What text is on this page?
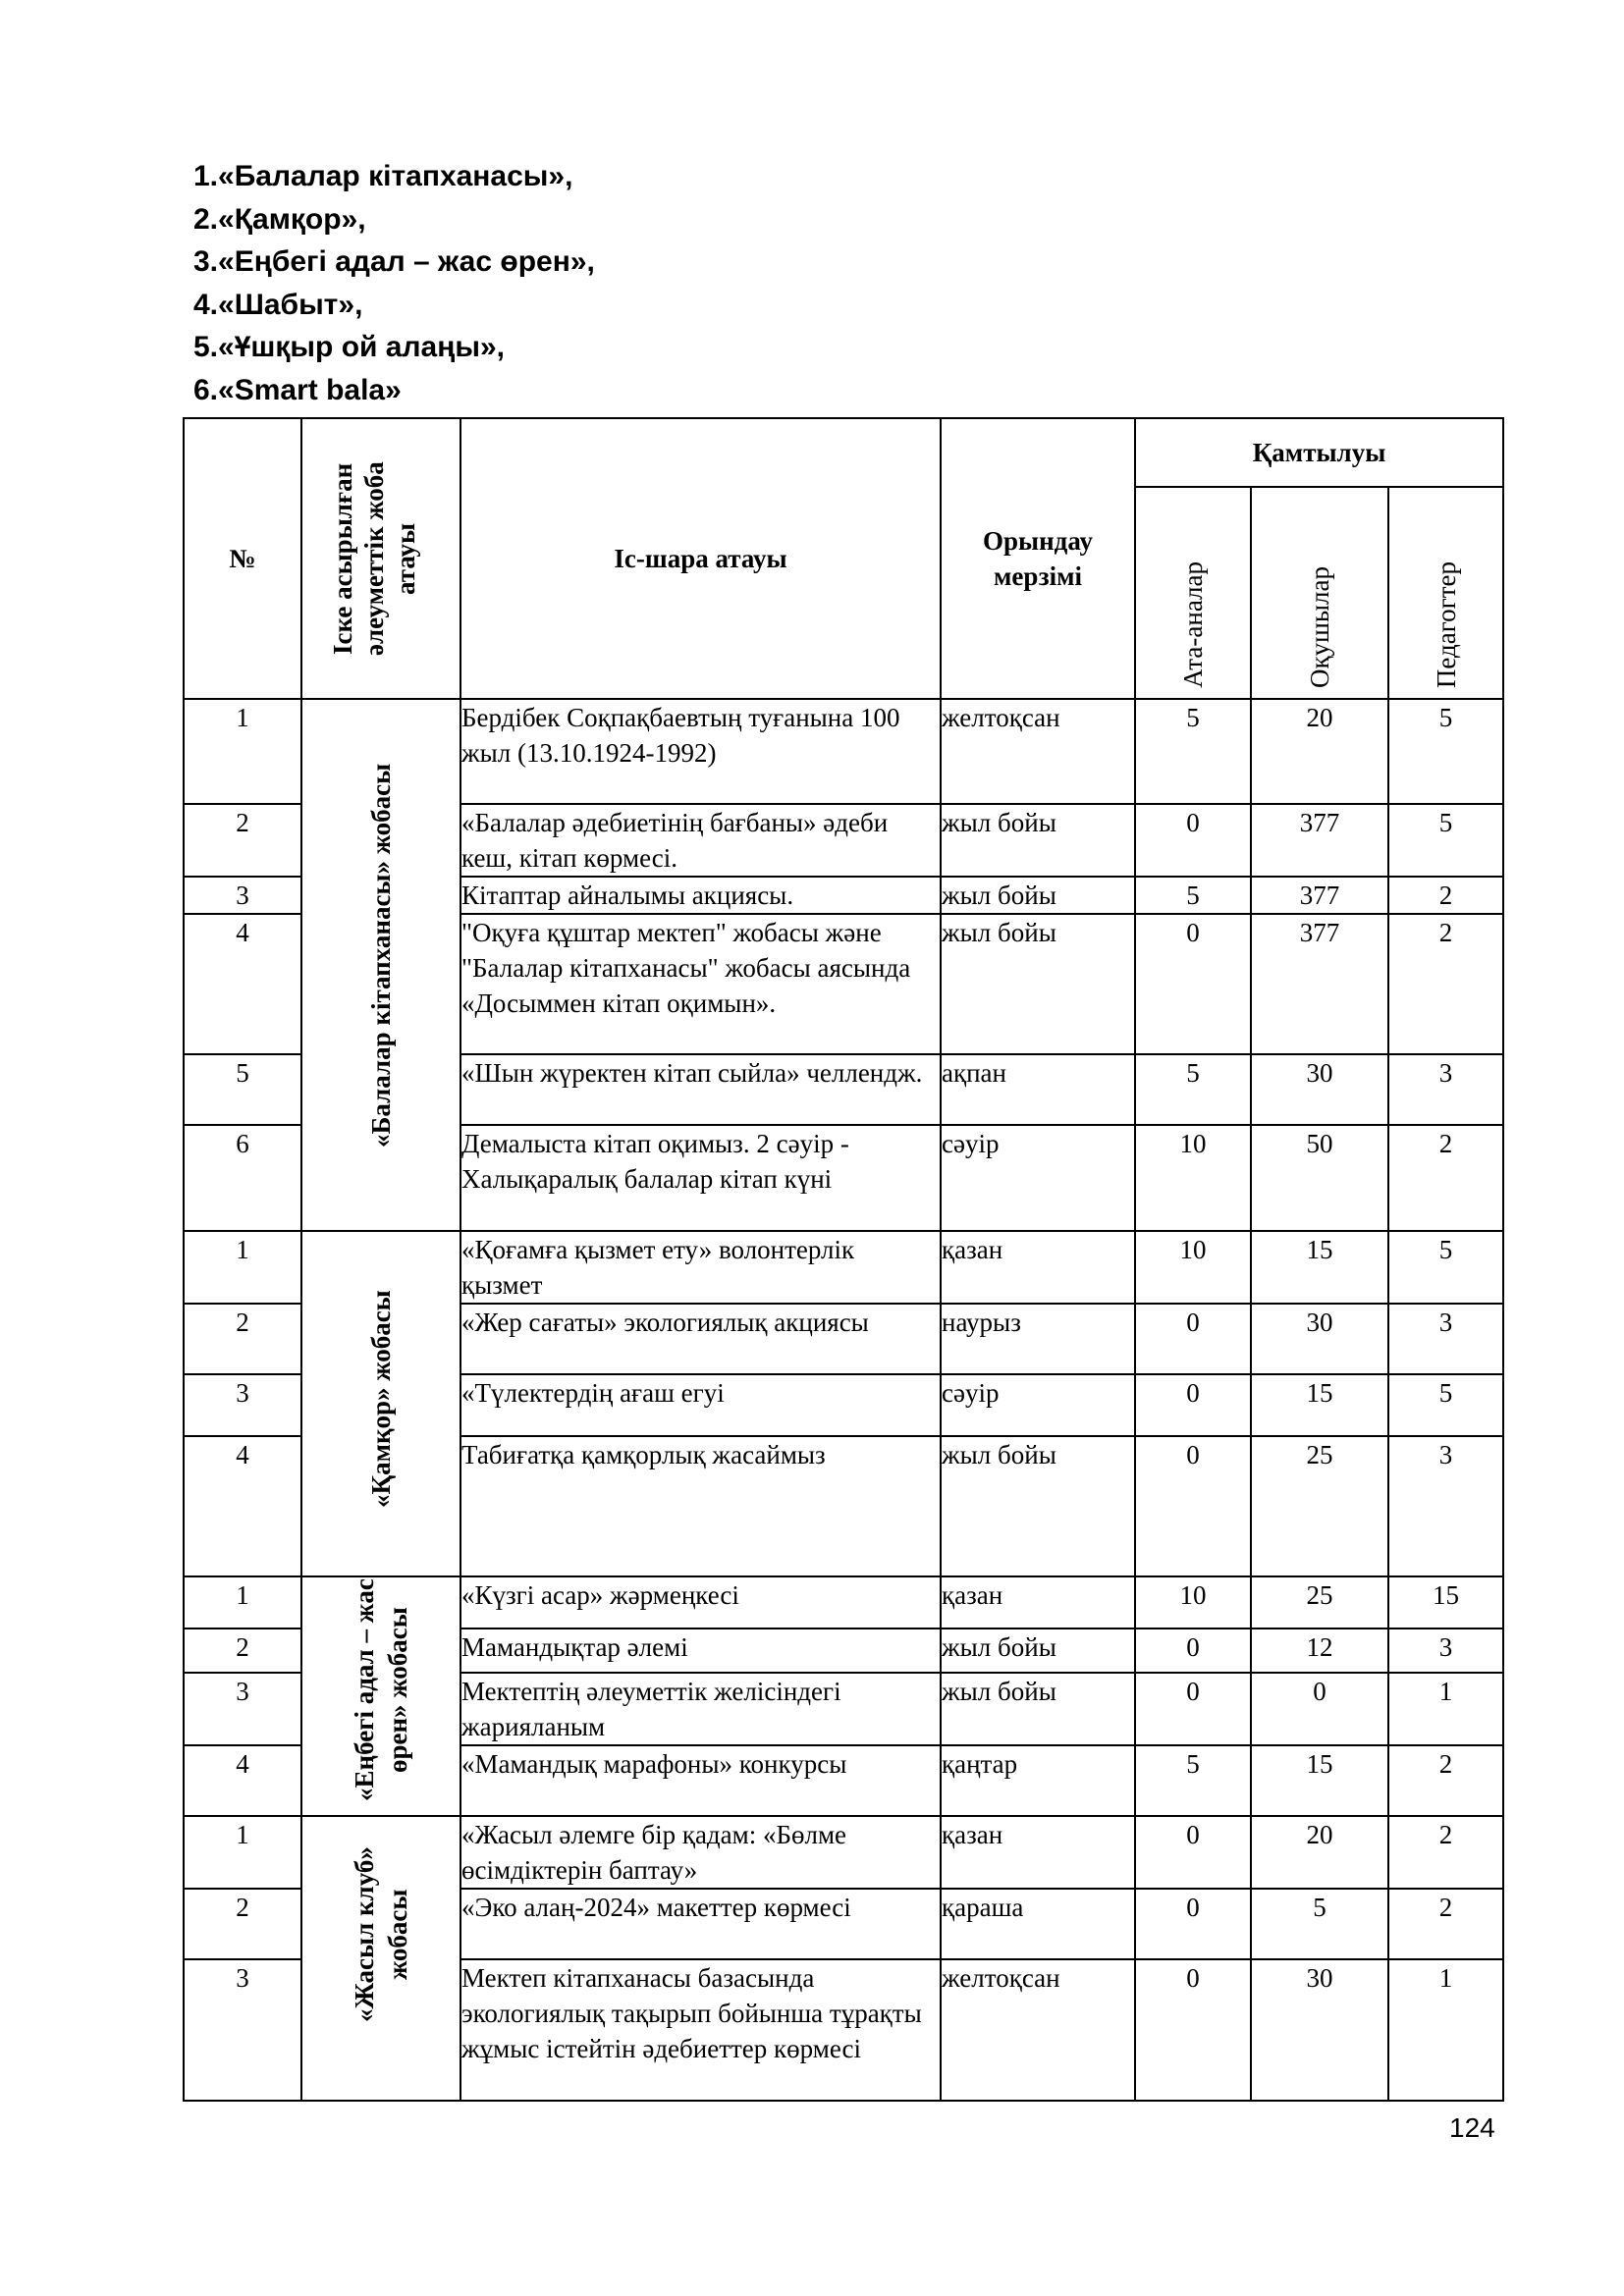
1.«Балалар кітапханасы»,
2.«Қамқор»,
3.«Еңбегі адал – жас өрен»,
4.«Шабыт»,
5.«Ұшқыр ой алаңы»,
6.«Smart bala»
№	Іске асырылған әлеуметтік жоба атауы	Іс-шара атауы	Орындау мерзімі	Қамтылуы		

				Ата-аналар	Оқушылар	Педагогтер

1	«Балалар кітапханасы» жобасы	Бердібек Соқпақбаевтың туғанына 100 жыл (13.10.1924-1992)	желтоқсан	5	20	5
2		«Балалар әдебиетінің бағбаны» әдеби кеш, кітап көрмесі.	жыл бойы	0	377	5
3		Кітаптар айналымы акциясы.	жыл бойы	5	377	2
4		"Оқуға құштар мектеп" жобасы және "Балалар кітапханасы" жобасы аясында «Досыммен кітап оқимын».	жыл бойы	0	377	2
5		«Шын жүректен кітап сыйла» челлендж.	ақпан	5	30	3
6		Демалыста кітап оқимыз. 2 сәуір - Халықаралық балалар кітап күні	сәуір	10	50	2
1	«Қамқор» жобасы	«Қоғамға қызмет ету» волонтерлік қызмет	қазан	10	15	5
2		«Жер сағаты» экологиялық акциясы	наурыз	0	30	3
3		«Түлектердің ағаш егуі	сәуір	0	15	5
4		Табиғатқа қамқорлық жасаймыз	жыл бойы	0	25	3
1	«Еңбегі адал – жас өрен» жобасы	«Күзгі асар» жәрмеңкесі	қазан	10	25	15
2		Мамандықтар әлемі	жыл бойы	0	12	3
3		Мектептің әлеуметтік желісіндегі жарияланым	жыл бойы	0	0	1
4		«Мамандық марафоны» конкурсы	қаңтар	5	15	2
1	«Жасыл клуб» жобасы	«Жасыл әлемге бір қадам: «Бөлме өсімдіктерін баптау»	қазан	0	20	2
2		«Эко алаң-2024» макеттер көрмесі	қараша	0	5	2
3		Мектеп кітапханасы базасында экологиялық тақырып бойынша тұрақты жұмыс істейтін әдебиеттер көрмесі	желтоқсан	0	30	1
124
